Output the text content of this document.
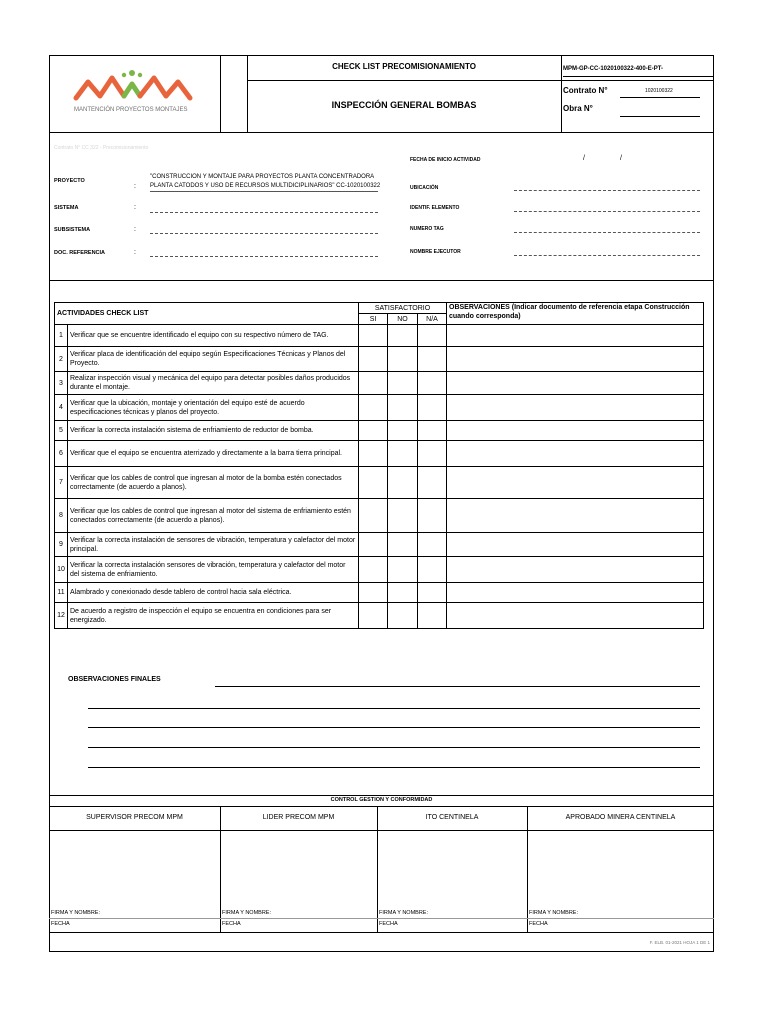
MANTENCIÓN PROYECTOS MONTAJES
CHECK LIST PRECOMISIONAMIENTO
INSPECCIÓN GENERAL BOMBAS
MPM-GP-CC-1020100322-400-E-PT-
Contrato N°	1020100322
Obra N°
Contrato N° CC 322 - Precomisionamiento
FECHA DE INICIO ACTIVIDAD	/	/
PROYECTO
:
"CONSTRUCCION Y MONTAJE PARA PROYECTOS PLANTA CONCENTRADORA
PLANTA CATODOS Y USO DE RECURSOS MULTIDICIPLINARIOS" CC-1020100322	UBICACIÓN
SISTEMA	:	IDENTIF. ELEMENTO
SUBSISTEMA	:	NUMERO TAG
DOC. REFERENCIA	:	NOMBRE EJECUTOR
ACTIVIDADES CHECK LIST		SATISFACTORIO			OBSERVACIONES (Indicar documento de referencia etapa Construcción cuando corresponda)
		SI	NO	N/A	
1	Verificar que se encuentre identificado el equipo con su respectivo número de TAG.				
2	Verificar placa de identificación del equipo según Especificaciones Técnicas y Planos del Proyecto.				
3	Realizar inspección visual y mecánica del equipo para detectar posibles daños producidos durante el montaje.				
4	Verificar que la ubicación, montaje y orientación del equipo esté de acuerdo especificaciones técnicas y planos del proyecto.				
5	Verificar la correcta instalación sistema de enfriamiento de reductor de bomba.				
6	Verificar que el equipo se encuentra aterrizado y directamente a la barra tierra principal.				
7	Verificar que los cables de control que ingresan al motor de la bomba estén conectados correctamente (de acuerdo a planos).				
8	Verificar que los cables de control que ingresan al motor del sistema de enfriamiento estén conectados correctamente (de acuerdo a planos).				
9	Verificar la correcta instalación de sensores de vibración, temperatura y calefactor del motor principal.				
10	Verificar la correcta instalación sensores de vibración, temperatura y calefactor del motor del sistema de enfriamiento.				
11	Alambrado y conexionado desde tablero de control hacia sala eléctrica.				
12	De acuerdo a registro de inspección el equipo se encuentra en condiciones para ser energizado.				
OBSERVACIONES FINALES
CONTROL GESTION Y CONFORMIDAD
SUPERVISOR PRECOM MPM	LIDER PRECOM MPM	ITO CENTINELA	APROBADO MINERA CENTINELA
FIRMA Y NOMBRE:	FIRMA Y NOMBRE:	FIRMA Y NOMBRE:	FIRMA Y NOMBRE:
FECHA	FECHA	FECHA	FECHA
F. ELB. 01-2021 HOJA 1 DE 1
